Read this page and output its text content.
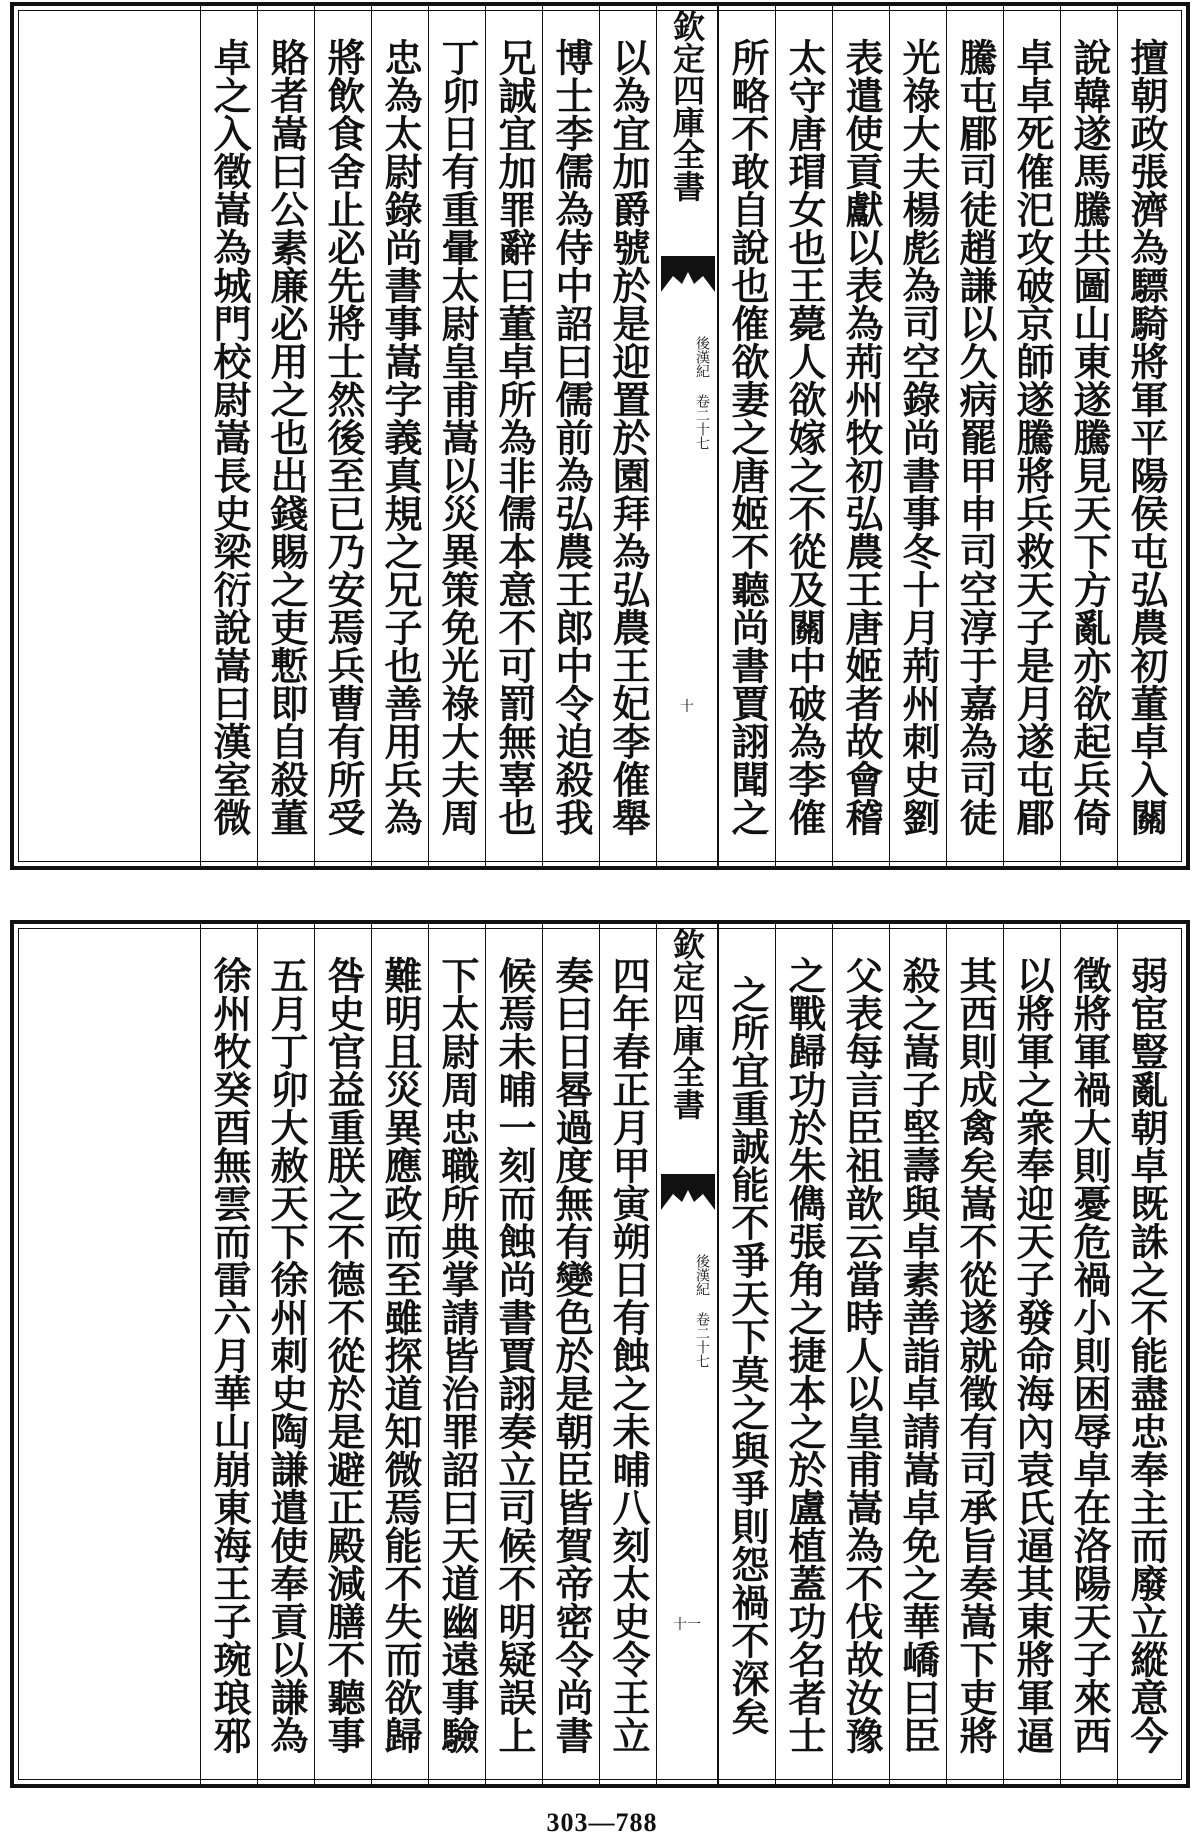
擅朝政張濟為驃騎將軍平陽侯屯弘農初董卓入關
說韓遂馬騰共圖山東遂騰見天下方亂亦欲起兵倚
卓卓死傕汜攻破京師遂騰將兵救天子是月遂屯郿
騰屯郿司徒趙謙以久病罷甲申司空淳于嘉為司徒
光祿大夫楊彪為司空錄尚書事冬十月荊州刺史劉
表遣使貢獻以表為荊州牧初弘農王唐姬者故會稽
太守唐瑁女也王薨人欲嫁之不從及關中破為李傕
所略不敢自說也傕欲妻之唐姬不聽尚書賈詡聞之
欽定四庫全書
後漢紀 卷二十七
十
以為宜加爵號於是迎置於園拜為弘農王妃李傕舉
博士李儒為侍中詔曰儒前為弘農王郎中令迫殺我
兄誠宜加罪辭曰董卓所為非儒本意不可罰無辜也
丁卯日有重暈太尉皇甫嵩以災異策免光祿大夫周
忠為太尉錄尚書事嵩字義真規之兄子也善用兵為
將飲食舍止必先將士然後至已乃安焉兵曹有所受
賂者嵩曰公素廉必用之也出錢賜之吏慙即自殺董
卓之入徵嵩為城門校尉嵩長史梁衍說嵩曰漢室微
弱宦豎亂朝卓既誅之不能盡忠奉主而廢立縱意今
徵將軍禍大則憂危禍小則困辱卓在洛陽天子來西
以將軍之衆奉迎天子發命海內袁氏逼其東將軍逼
其西則成禽矣嵩不從遂就徵有司承旨奏嵩下吏將
殺之嵩子堅壽與卓素善詣卓請嵩卓免之華嶠曰臣
父表每言臣祖歆云當時人以皇甫嵩為不伐故汝豫
之戰歸功於朱儁張角之捷本之於盧植蓋功名者士
之所宜重誠能不爭天下莫之與爭則怨禍不深矣
欽定四庫全書
後漢紀 卷二十七
十一
四年春正月甲寅朔日有蝕之未晡八刻太史令王立
奏曰日晷過度無有變色於是朝臣皆賀帝密令尚書
候焉未晡一刻而蝕尚書賈詡奏立司候不明疑誤上
下太尉周忠職所典掌請皆治罪詔曰天道幽遠事驗
難明且災異應政而至雖探道知微焉能不失而欲歸
咎史官益重朕之不德不從於是避正殿減膳不聽事
五月丁卯大赦天下徐州刺史陶謙遣使奉貢以謙為
徐州牧癸酉無雲而雷六月華山崩東海王子琬琅邪
303—788
